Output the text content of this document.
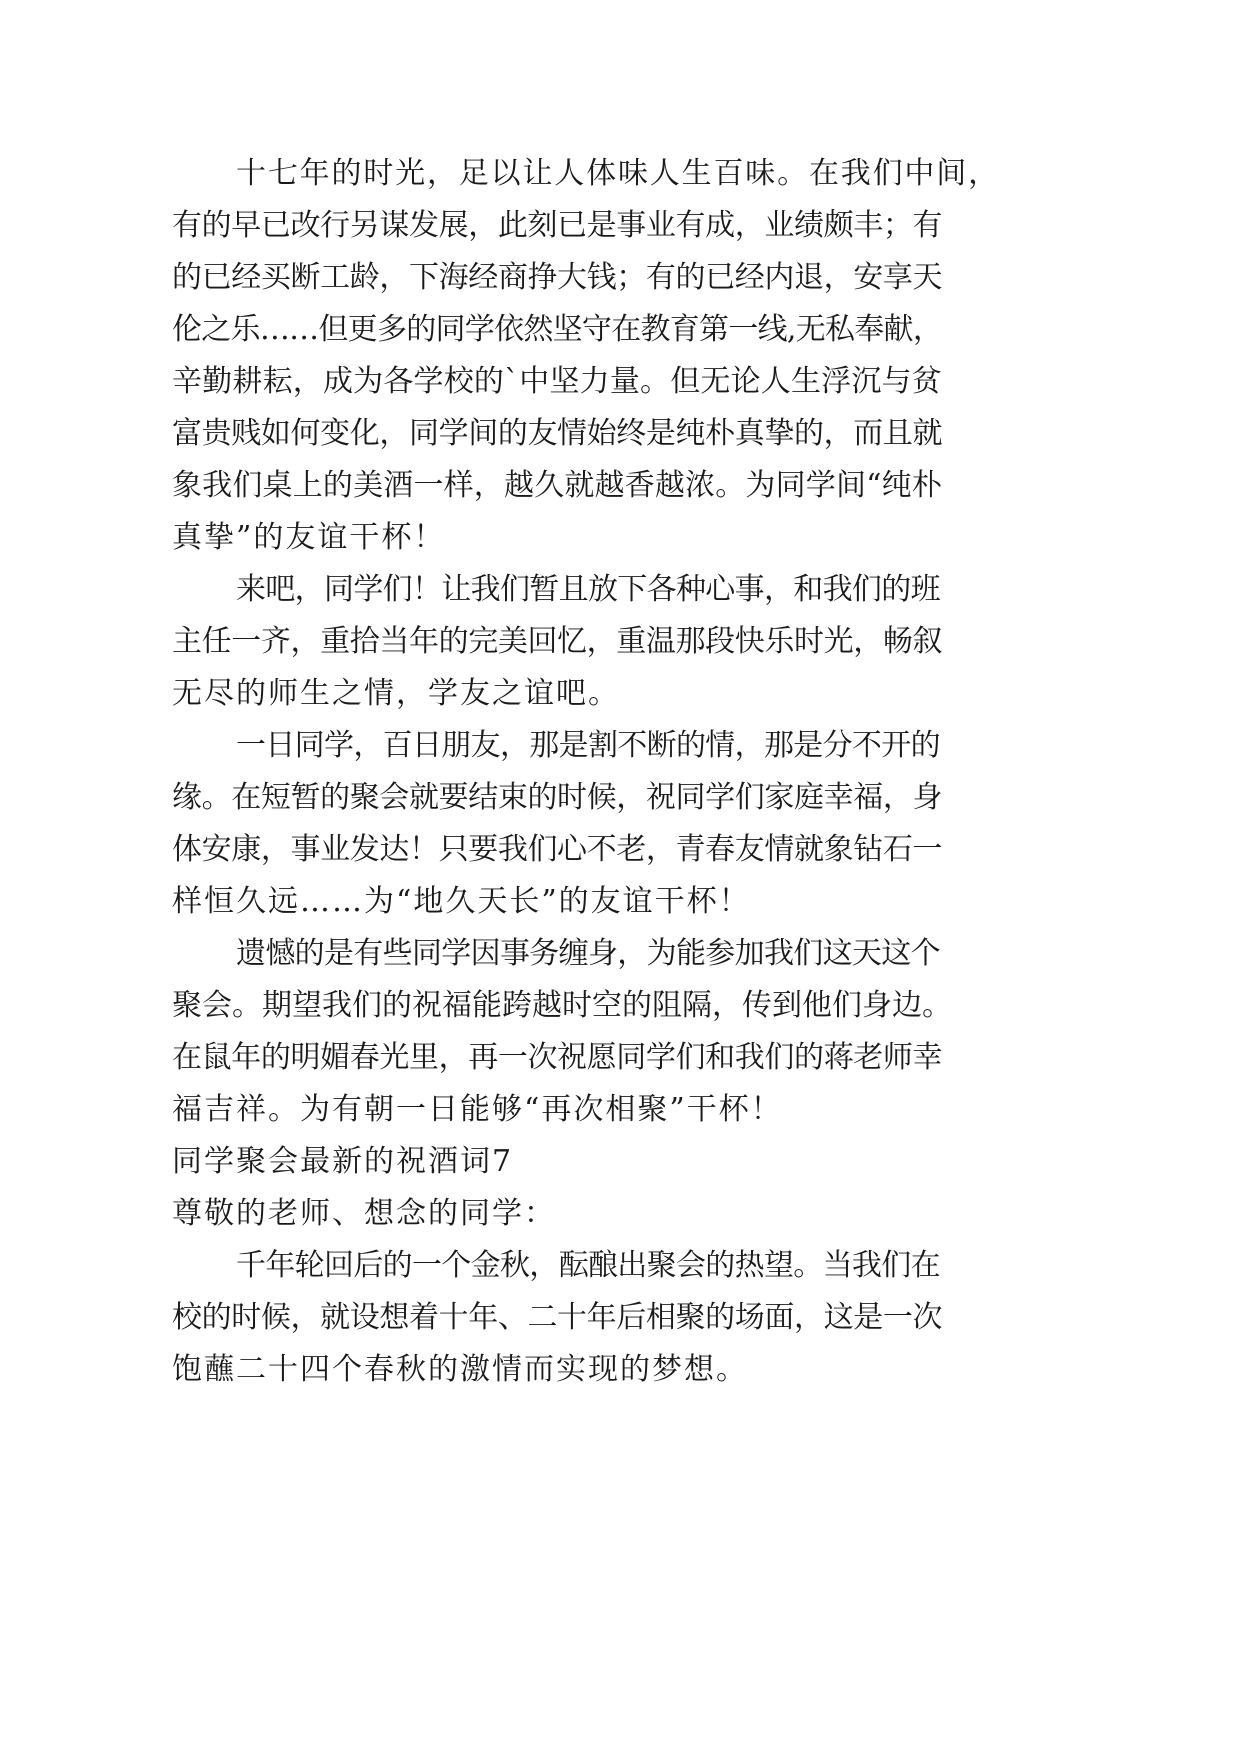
十七年的时光，足以让人体味人生百味。在我们中间，
有的早已改行另谋发展，此刻已是事业有成，业绩颇丰；有
的已经买断工龄，下海经商挣大钱；有的已经内退，安享天
伦之乐……但更多的同学依然坚守在教育第一线,无私奉献，
辛勤耕耘，成为各学校的`中坚力量。但无论人生浮沉与贫
富贵贱如何变化，同学间的友情始终是纯朴真挚的，而且就
象我们桌上的美酒一样，越久就越香越浓。为同学间“纯朴
真挚”的友谊干杯！
来吧，同学们！让我们暂且放下各种心事，和我们的班
主任一齐，重拾当年的完美回忆，重温那段快乐时光，畅叙
无尽的师生之情，学友之谊吧。
一日同学，百日朋友，那是割不断的情，那是分不开的
缘。在短暂的聚会就要结束的时候，祝同学们家庭幸福，身
体安康，事业发达！只要我们心不老，青春友情就象钻石一
样恒久远……为“地久天长”的友谊干杯！
遗憾的是有些同学因事务缠身，为能参加我们这天这个
聚会。期望我们的祝福能跨越时空的阻隔，传到他们身边。
在鼠年的明媚春光里，再一次祝愿同学们和我们的蒋老师幸
福吉祥。为有朝一日能够“再次相聚”干杯！
同学聚会最新的祝酒词7
尊敬的老师、想念的同学：
千年轮回后的一个金秋，酝酿出聚会的热望。当我们在
校的时候，就设想着十年、二十年后相聚的场面，这是一次
饱蘸二十四个春秋的激情而实现的梦想。
